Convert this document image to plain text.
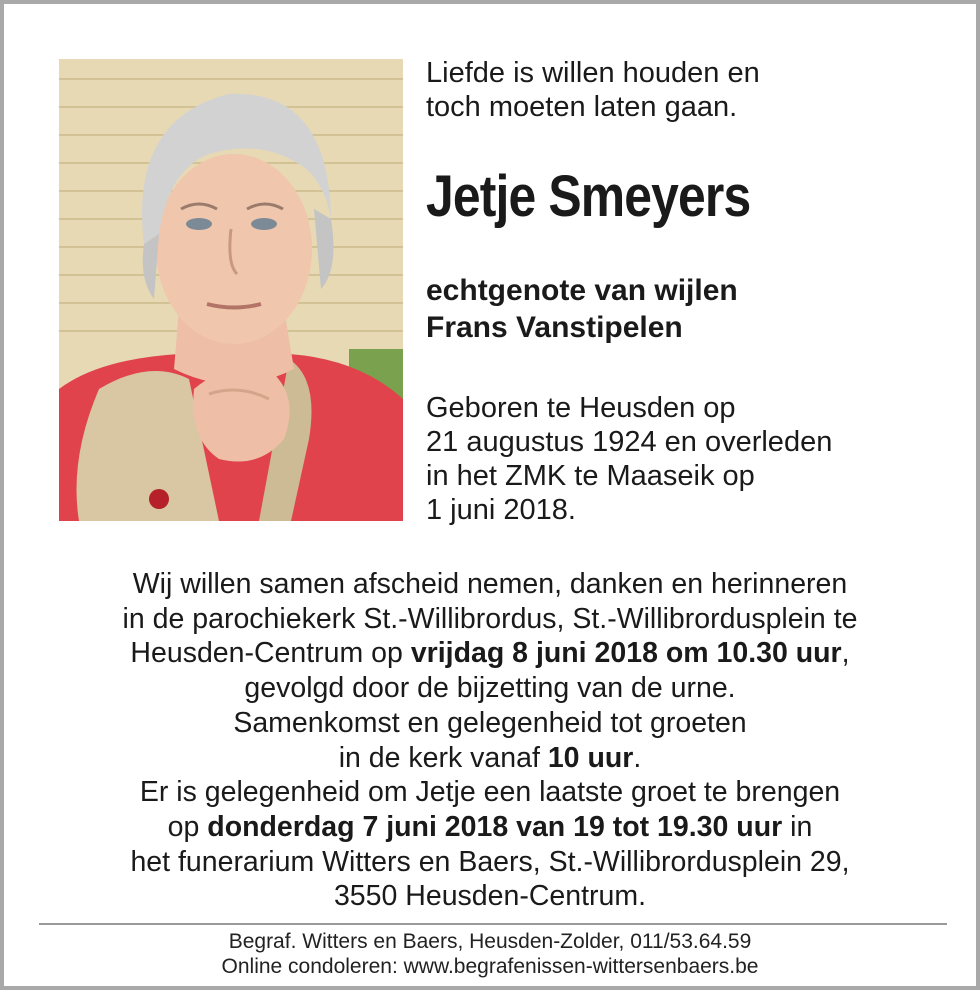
Liefde is willen houden en
toch moeten laten gaan.

Jetje Smeyers

echtgenote van wijlen
Frans Vanstipelen

Geboren te Heusden op
21 augustus 1924 en overleden
in het ZMK te Maaseik op
1 juni 2018.

Wij willen samen afscheid nemen, danken en herinneren

in de parochiekerk St.-Willibrordus, St.-Willibrordusplein te

Heusden-Centrum op vrijdag 8 juni 2018 om 10.30 uur,

gevolgd door de bijzetting van de urne.

Samenkomst en gelegenheid tot groeten

in de kerk vanaf 10 uur.

Er is gelegenheid om Jetje een laatste groet te brengen

op donderdag 7 juni 2018 van 19 tot 19.30 uur in

het funerarium Witters en Baers, St.-Willibrordusplein 29,

3550 Heusden-Centrum.

Begraf. Witters en Baers, Heusden-Zolder, 011/53.64.59

Online condoleren: www.begrafenissen-wittersenbaers.be
